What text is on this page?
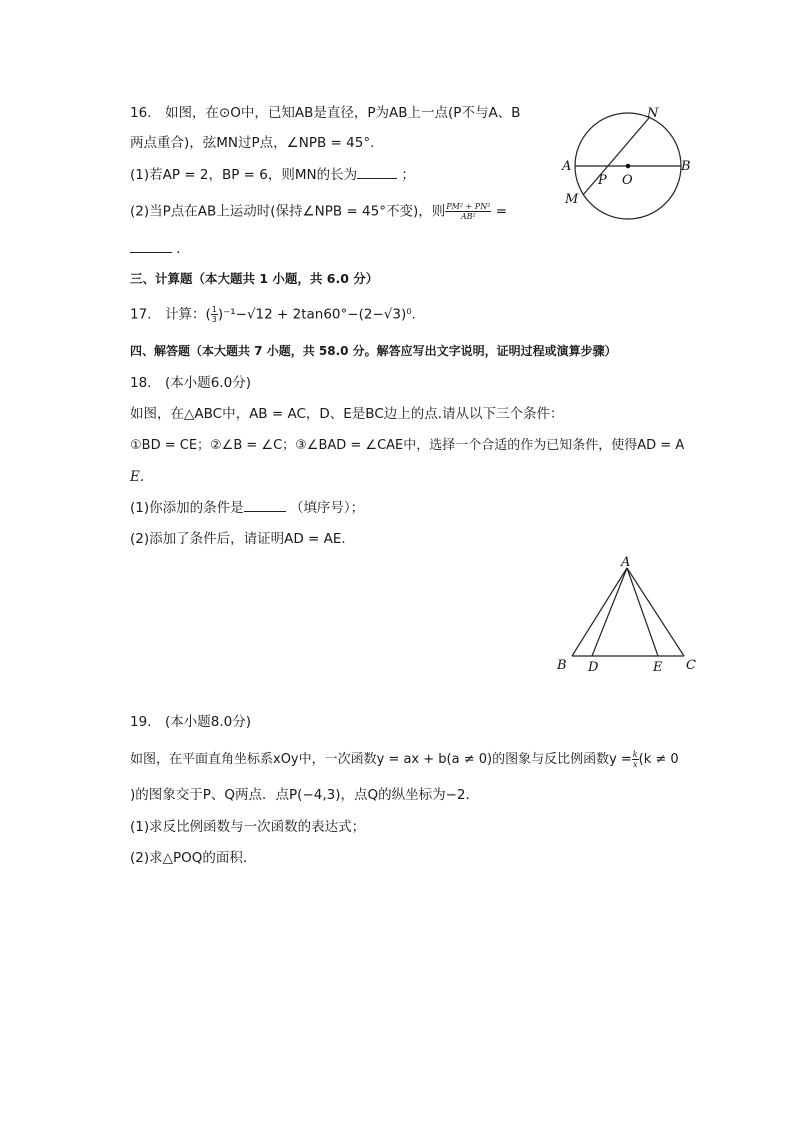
16.　如图，在⊙O中，已知AB是直径，P为AB上一点(P不与A、B
两点重合)，弦MN过P点，∠NPB = 45°.
(1)若AP = 2，BP = 6，则MN的长为	；
(2)当P点在AB上运动时(保持∠NPB = 45°不变)，则 $\frac{\text{PM² + PN²}}{\text{AB²}}$ =
．
N
A	B
P O
M
三、计算题（本大题共 1 小题，共 6.0 分）
17.　计算：( $\frac{1}{3} )^{-1}-√12 + 2\tan 60^\circ-(2-√3)^0$.
四、解答题（本大题共 7 小题，共 58.0 分。解答应写出文字说明，证明过程或演算步骤）
18.　(本小题6.0分)
如图，在△ABC中，AB = AC，D、E是BC边上的点.请从以下三个条件：
①BD = CE；②∠B = ∠C；③∠BAD = ∠CAE中，选择一个合适的作为已知条件，使得AD = A
E.
(1)你添加的条件是	（填序号）；
(2)添加了条件后，请证明AD = AE.
A
B D	E C
19.　(本小题8.0分)
如图，在平面直角坐标系xOy中，一次函数y = ax + b(a ≠ 0)的图象与反比例函数$y = \frac{k}{x} (k \ne 0$
)的图象交于P、Q两点．点P(−4,3)，点Q的纵坐标为−2．
(1)求反比例函数与一次函数的表达式；
(2)求△POQ的面积．
